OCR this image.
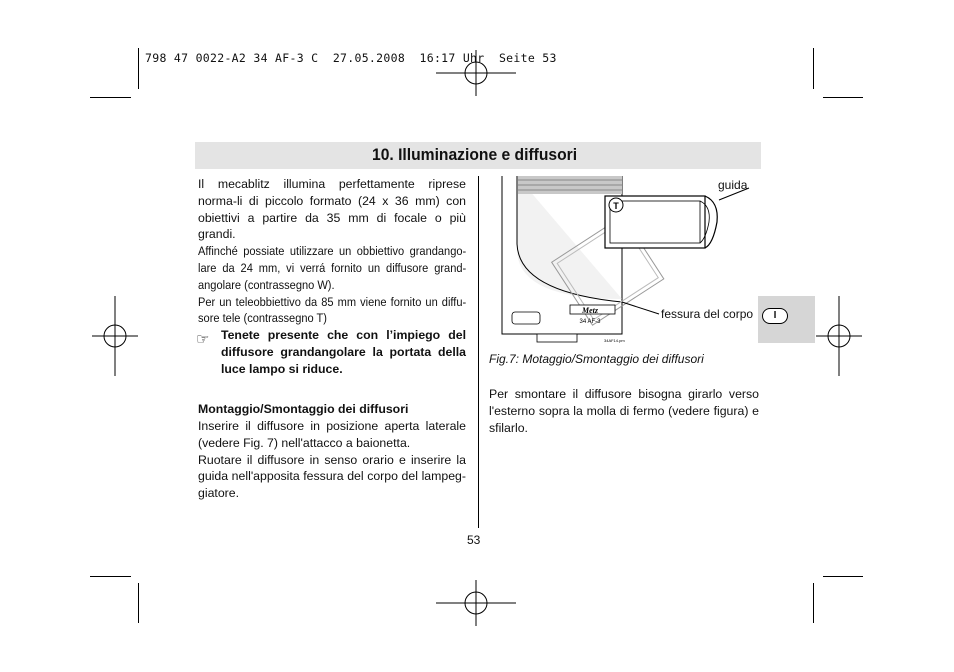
798 47 0022-A2 34 AF-3 C  27.05.2008  16:17 Uhr  Seite 53
10. Illuminazione e diffusori

Il mecablitz illumina perfettamente riprese norma-li di piccolo formato (24 x 36 mm) con obiettivi a partire da 35 mm di focale o più grandi.

Affinché possiate utilizzare un obbiettivo grandango-lare da 24 mm, vi verrá fornito un diffusore grand-angolare (contrassegno W).

Per un teleobbiettivo da 85 mm viene fornito un diffu-sore tele (contrassegno T)

☞ Tenete presente che con l’impiego del diffusore grandangolare la portata della luce lampo si riduce.
Montaggio/Smontaggio dei diffusori

Inserire il diffusore in posizione aperta laterale (vedere Fig. 7) nell'attacco a baionetta.

Ruotare il diffusore in senso orario e inserire la guida nell'apposita fessura del corpo del lampeg-giatore.

T
Metz
34 AF-3
34AF14.pm
guida
fessura del corpo
Fig.7: Motaggio/Smontaggio dei diffusori
Per smontare il diffusore bisogna girarlo verso l'esterno sopra la molla di fermo (vedere figura) e sfilarlo.
I
53
